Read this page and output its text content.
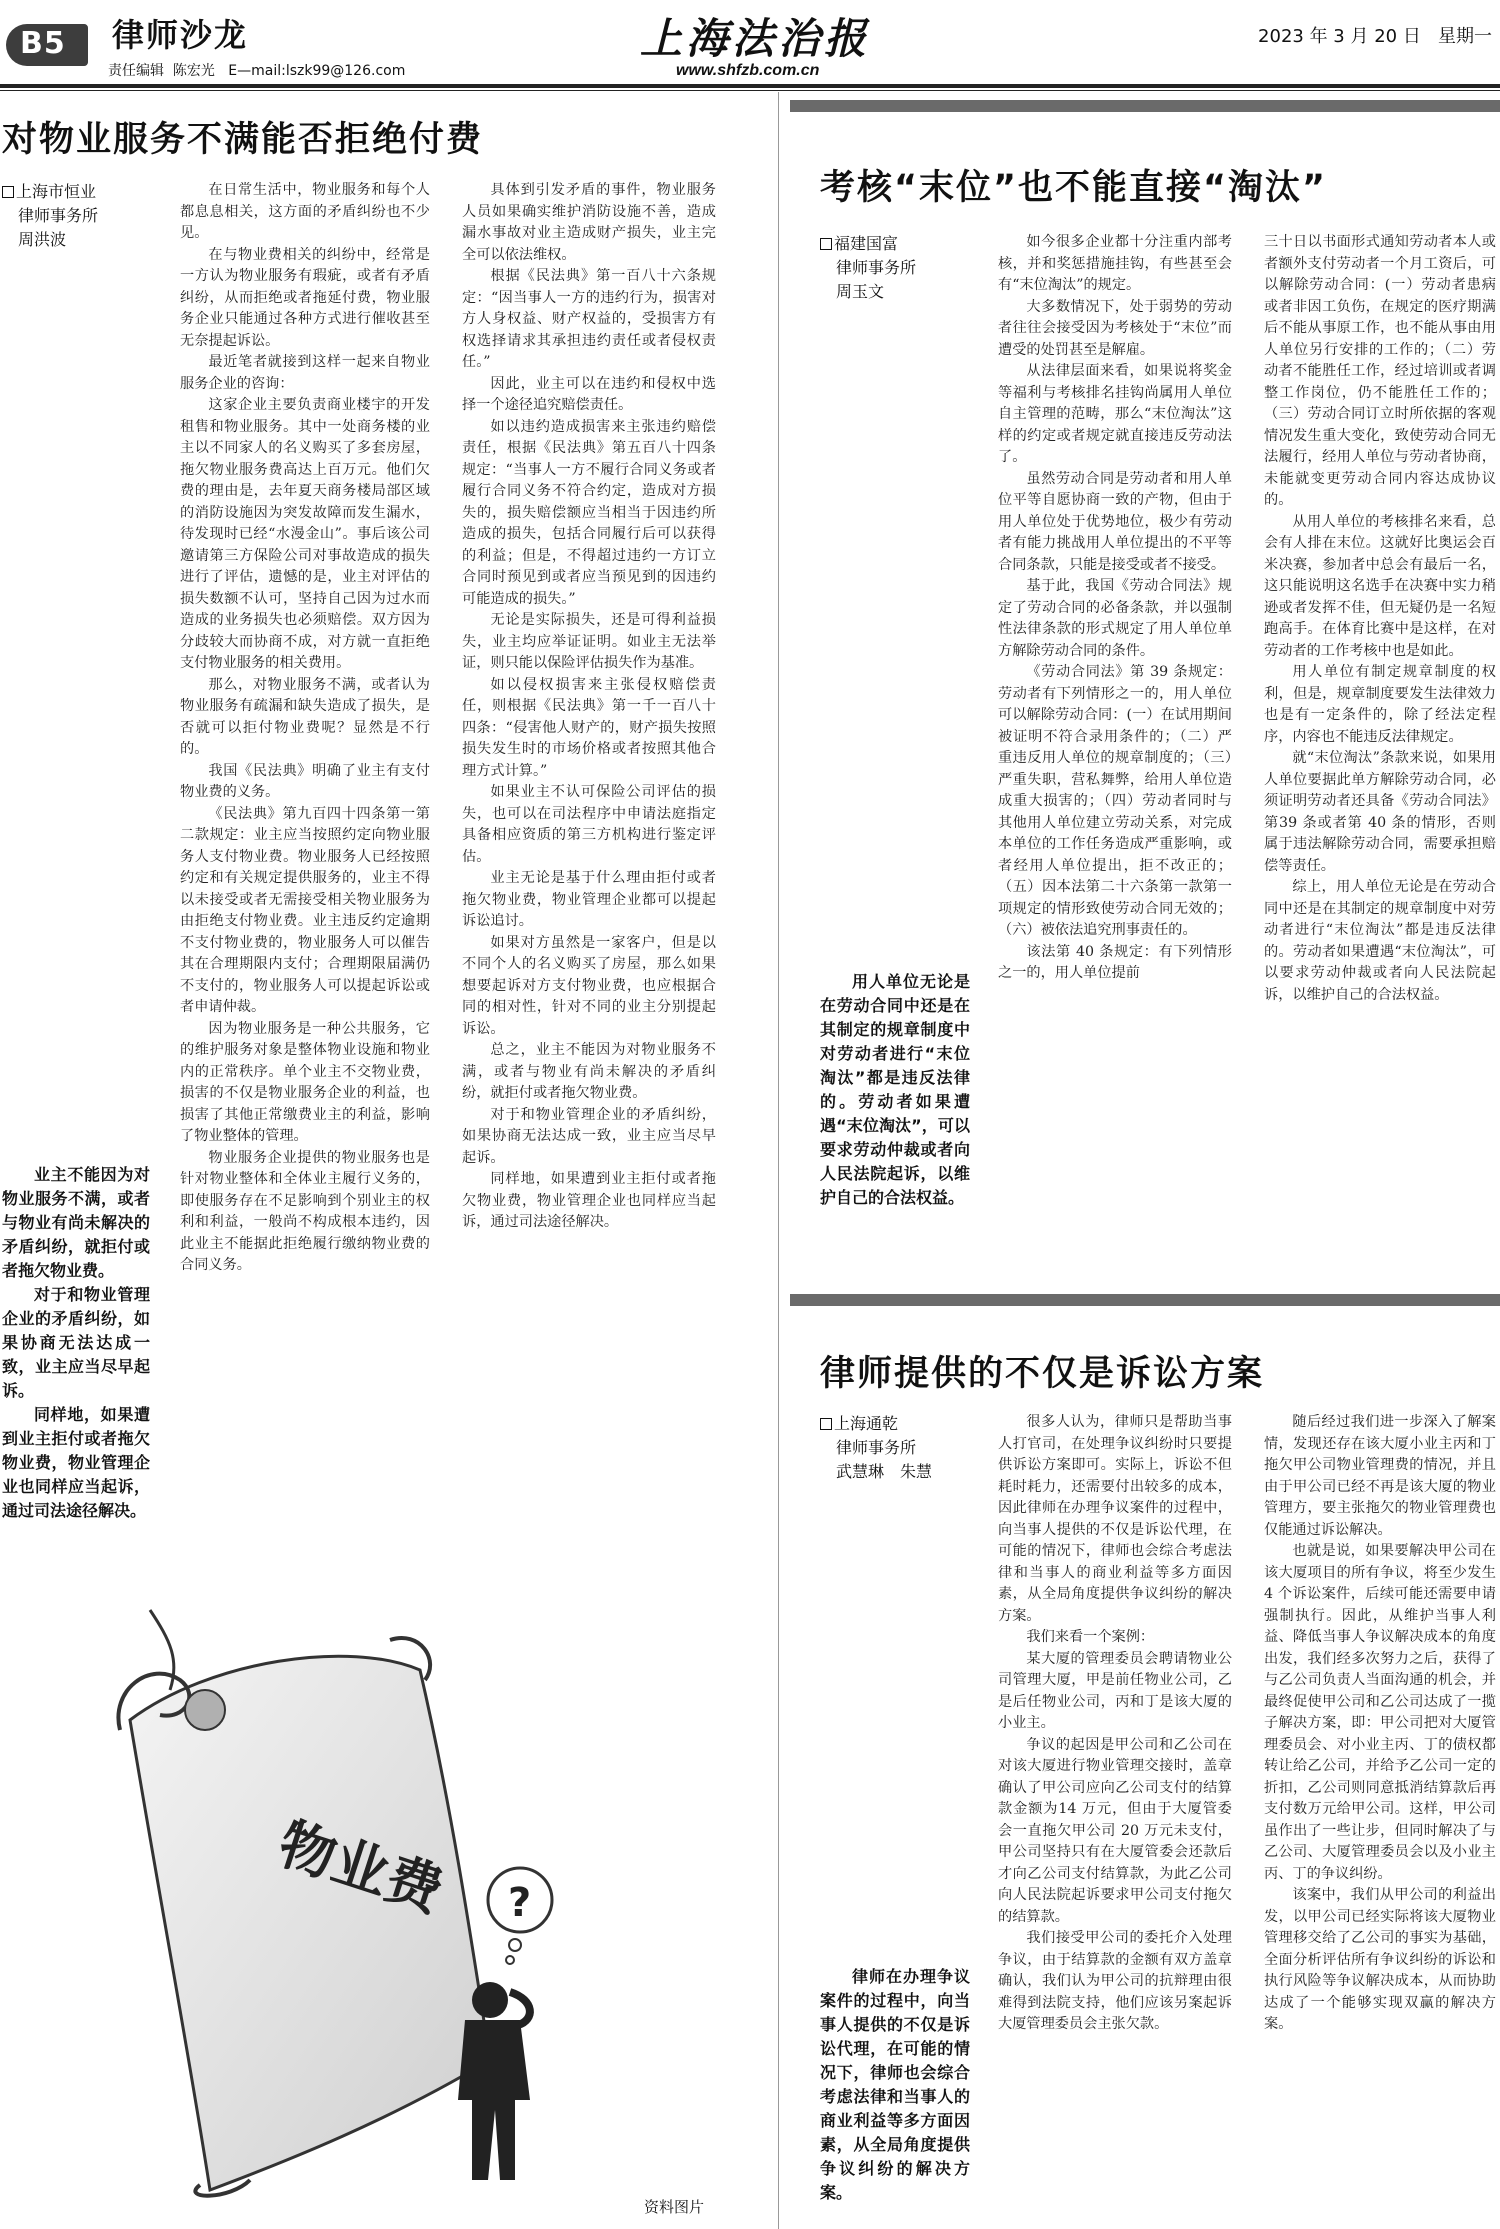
B5 律师沙龙
责任编辑 陈宏光 E—mail:lszk99@126.com
上海法治报
www.shfzb.com.cn
2023 年 3 月 20 日 星期一
对物业服务不满能否拒绝付费
上海市恒业
律师事务所
周洪波

业主不能因为对物业服务不满，或者与物业有尚未解决的矛盾纠纷，就拒付或者拖欠物业费。

对于和物业管理企业的矛盾纠纷，如果协商无法达成一致，业主应当尽早起诉。

同样地，如果遭到业主拒付或者拖欠物业费，物业管理企业也同样应当起诉，通过司法途径解决。

在日常生活中，物业服务和每个人都息息相关，这方面的矛盾纠纷也不少见。

在与物业费相关的纠纷中，经常是一方认为物业服务有瑕疵，或者有矛盾纠纷，从而拒绝或者拖延付费，物业服务企业只能通过各种方式进行催收甚至无奈提起诉讼。

最近笔者就接到这样一起来自物业服务企业的咨询：

这家企业主要负责商业楼宇的开发租售和物业服务。其中一处商务楼的业主以不同家人的名义购买了多套房屋，拖欠物业服务费高达上百万元。他们欠费的理由是，去年夏天商务楼局部区域的消防设施因为突发故障而发生漏水，待发现时已经“水漫金山”。事后该公司邀请第三方保险公司对事故造成的损失进行了评估，遗憾的是，业主对评估的损失数额不认可，坚持自己因为过水而造成的业务损失也必须赔偿。双方因为分歧较大而协商不成，对方就一直拒绝支付物业服务的相关费用。

那么，对物业服务不满，或者认为物业服务有疏漏和缺失造成了损失，是否就可以拒付物业费呢？显然是不行的。

我国《民法典》明确了业主有支付物业费的义务。

《民法典》第九百四十四条第一第二款规定：业主应当按照约定向物业服务人支付物业费。物业服务人已经按照约定和有关规定提供服务的，业主不得以未接受或者无需接受相关物业服务为由拒绝支付物业费。业主违反约定逾期不支付物业费的，物业服务人可以催告其在合理期限内支付；合理期限届满仍不支付的，物业服务人可以提起诉讼或者申请仲裁。

因为物业服务是一种公共服务，它的维护服务对象是整体物业设施和物业内的正常秩序。单个业主不交物业费，损害的不仅是物业服务企业的利益，也损害了其他正常缴费业主的利益，影响了物业整体的管理。

物业服务企业提供的物业服务也是针对物业整体和全体业主履行义务的，即使服务存在不足影响到个别业主的权利和利益，一般尚不构成根本违约，因此业主不能据此拒绝履行缴纳物业费的合同义务。

具体到引发矛盾的事件，物业服务人员如果确实维护消防设施不善，造成漏水事故对业主造成财产损失，业主完全可以依法维权。

根据《民法典》第一百八十六条规定：“因当事人一方的违约行为，损害对方人身权益、财产权益的，受损害方有权选择请求其承担违约责任或者侵权责任。”

因此，业主可以在违约和侵权中选择一个途径追究赔偿责任。

如以违约造成损害来主张违约赔偿责任，根据《民法典》第五百八十四条规定：“当事人一方不履行合同义务或者履行合同义务不符合约定，造成对方损失的，损失赔偿额应当相当于因违约所造成的损失，包括合同履行后可以获得的利益；但是，不得超过违约一方订立合同时预见到或者应当预见到的因违约可能造成的损失。”

无论是实际损失，还是可得利益损失，业主均应举证证明。如业主无法举证，则只能以保险评估损失作为基准。

如以侵权损害来主张侵权赔偿责任，则根据《民法典》第一千一百八十四条：“侵害他人财产的，财产损失按照损失发生时的市场价格或者按照其他合理方式计算。”

如果业主不认可保险公司评估的损失，也可以在司法程序中申请法庭指定具备相应资质的第三方机构进行鉴定评估。

业主无论是基于什么理由拒付或者拖欠物业费，物业管理企业都可以提起诉讼追讨。

如果对方虽然是一家客户，但是以不同个人的名义购买了房屋，那么如果想要起诉对方支付物业费，也应根据合同的相对性，针对不同的业主分别提起诉讼。

总之，业主不能因为对物业服务不满，或者与物业有尚未解决的矛盾纠纷，就拒付或者拖欠物业费。

对于和物业管理企业的矛盾纠纷，如果协商无法达成一致，业主应当尽早起诉。

同样地，如果遭到业主拒付或者拖欠物业费，物业管理企业也同样应当起诉，通过司法途径解决。

物业费 ?
资料图片
考核“末位”也不能直接“淘汰”
福建国富
律师事务所
周玉文

用人单位无论是在劳动合同中还是在其制定的规章制度中对劳动者进行“末位淘汰”都是违反法律的。劳动者如果遭遇“末位淘汰”，可以要求劳动仲裁或者向人民法院起诉，以维护自己的合法权益。

如今很多企业都十分注重内部考核，并和奖惩措施挂钩，有些甚至会有“末位淘汰”的规定。

大多数情况下，处于弱势的劳动者往往会接受因为考核处于“末位”而遭受的处罚甚至是解雇。

从法律层面来看，如果说将奖金等福利与考核排名挂钩尚属用人单位自主管理的范畴，那么“末位淘汰”这样的约定或者规定就直接违反劳动法了。

虽然劳动合同是劳动者和用人单位平等自愿协商一致的产物，但由于用人单位处于优势地位，极少有劳动者有能力挑战用人单位提出的不平等合同条款，只能是接受或者不接受。

基于此，我国《劳动合同法》规定了劳动合同的必备条款，并以强制性法律条款的形式规定了用人单位单方解除劳动合同的条件。

《劳动合同法》第 39 条规定：劳动者有下列情形之一的，用人单位可以解除劳动合同：(一）在试用期间被证明不符合录用条件的；（二）严重违反用人单位的规章制度的；（三）严重失职，营私舞弊，给用人单位造成重大损害的；（四）劳动者同时与其他用人单位建立劳动关系，对完成本单位的工作任务造成严重影响，或者经用人单位提出，拒不改正的；（五）因本法第二十六条第一款第一项规定的情形致使劳动合同无效的；（六）被依法追究刑事责任的。

该法第 40 条规定：有下列情形之一的，用人单位提前

三十日以书面形式通知劳动者本人或者额外支付劳动者一个月工资后，可以解除劳动合同：(一）劳动者患病或者非因工负伤，在规定的医疗期满后不能从事原工作，也不能从事由用人单位另行安排的工作的；（二）劳动者不能胜任工作，经过培训或者调整工作岗位，仍不能胜任工作的；（三）劳动合同订立时所依据的客观情况发生重大变化，致使劳动合同无法履行，经用人单位与劳动者协商，未能就变更劳动合同内容达成协议的。

从用人单位的考核排名来看，总会有人排在末位。这就好比奥运会百米决赛，参加者中总会有最后一名，这只能说明这名选手在决赛中实力稍逊或者发挥不佳，但无疑仍是一名短跑高手。在体育比赛中是这样，在对劳动者的工作考核中也是如此。

用人单位有制定规章制度的权利，但是，规章制度要发生法律效力也是有一定条件的，除了经法定程序，内容也不能违反法律规定。

就“末位淘汰”条款来说，如果用人单位要据此单方解除劳动合同，必须证明劳动者还具备《劳动合同法》第39 条或者第 40 条的情形，否则属于违法解除劳动合同，需要承担赔偿等责任。

综上，用人单位无论是在劳动合同中还是在其制定的规章制度中对劳动者进行“末位淘汰”都是违反法律的。劳动者如果遭遇“末位淘汰”，可以要求劳动仲裁或者向人民法院起诉，以维护自己的合法权益。

律师提供的不仅是诉讼方案
上海通乾
律师事务所
武慧琳　朱慧

律师在办理争议案件的过程中，向当事人提供的不仅是诉讼代理，在可能的情况下，律师也会综合考虑法律和当事人的商业利益等多方面因素，从全局角度提供争议纠纷的解决方案。

很多人认为，律师只是帮助当事人打官司，在处理争议纠纷时只要提供诉讼方案即可。实际上，诉讼不但耗时耗力，还需要付出较多的成本，因此律师在办理争议案件的过程中，向当事人提供的不仅是诉讼代理，在可能的情况下，律师也会综合考虑法律和当事人的商业利益等多方面因素，从全局角度提供争议纠纷的解决方案。

我们来看一个案例：

某大厦的管理委员会聘请物业公司管理大厦，甲是前任物业公司，乙是后任物业公司，丙和丁是该大厦的小业主。

争议的起因是甲公司和乙公司在对该大厦进行物业管理交接时，盖章确认了甲公司应向乙公司支付的结算款金额为14 万元，但由于大厦管委会一直拖欠甲公司 20 万元未支付，甲公司坚持只有在大厦管委会还款后才向乙公司支付结算款，为此乙公司向人民法院起诉要求甲公司支付拖欠的结算款。

我们接受甲公司的委托介入处理争议，由于结算款的金额有双方盖章确认，我们认为甲公司的抗辩理由很难得到法院支持，他们应该另案起诉大厦管理委员会主张欠款。

随后经过我们进一步深入了解案情，发现还存在该大厦小业主丙和丁拖欠甲公司物业管理费的情况，并且由于甲公司已经不再是该大厦的物业管理方，要主张拖欠的物业管理费也仅能通过诉讼解决。

也就是说，如果要解决甲公司在该大厦项目的所有争议，将至少发生 4 个诉讼案件，后续可能还需要申请强制执行。因此，从维护当事人利益、降低当事人争议解决成本的角度出发，我们经多次努力之后，获得了与乙公司负责人当面沟通的机会，并最终促使甲公司和乙公司达成了一揽子解决方案，即：甲公司把对大厦管理委员会、对小业主丙、丁的债权都转让给乙公司，并给予乙公司一定的折扣，乙公司则同意抵消结算款后再支付数万元给甲公司。这样，甲公司虽作出了一些让步，但同时解决了与乙公司、大厦管理委员会以及小业主丙、丁的争议纠纷。

该案中，我们从甲公司的利益出发，以甲公司已经实际将该大厦物业管理移交给了乙公司的事实为基础，全面分析评估所有争议纠纷的诉讼和执行风险等争议解决成本，从而协助达成了一个能够实现双赢的解决方案。
